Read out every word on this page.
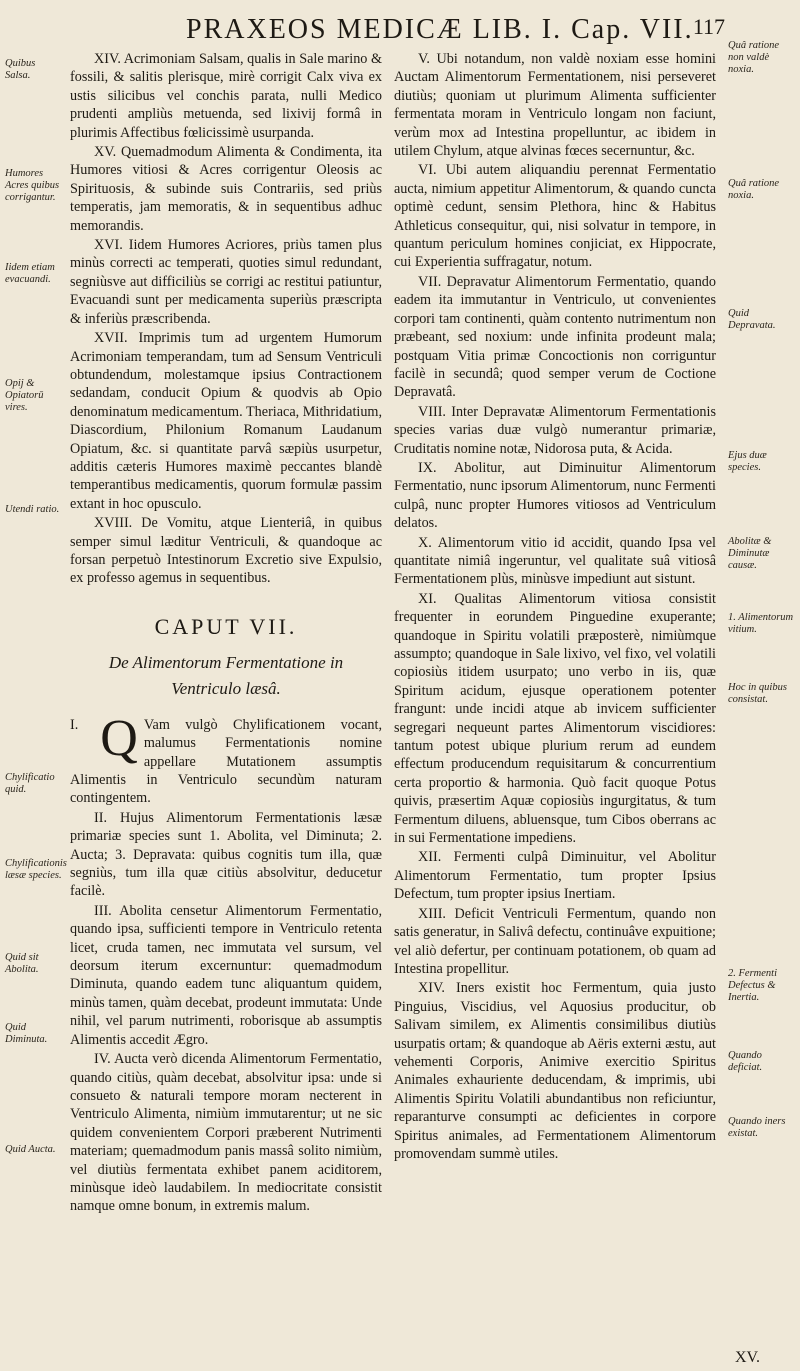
PRAXEOS MEDICÆ LIB. I. Cap. VII. 117

XIV. Acrimoniam Salsam, qualis in Sale marino & fossili, & salitis plerisque, mirè corrigit Calx viva ex ustis silicibus vel conchis parata, nulli Medico prudenti ampliùs metuenda, sed lixivij formâ in plurimis Affectibus fœlicissimè usurpanda.

XV. Quemadmodum Alimenta & Condimenta, ita Humores vitiosi & Acres corrigentur Oleosis ac Spirituosis, & subinde suis Contrariis, sed priùs temperatis, jam memoratis, & in sequentibus adhuc memorandis.

XVI. Iidem Humores Acriores, priùs tamen plus minùs correcti ac temperati, quoties simul redundant, segniùsve aut difficiliùs se corrigi ac restitui patiuntur, Evacuandi sunt per medicamenta superiùs præscripta & inferiùs præscribenda.

XVII. Imprimis tum ad urgentem Humorum Acrimoniam temperandam, tum ad Sensum Ventriculi obtundendum, molestamque ipsius Contractionem sedandam, conducit Opium & quodvis ab Opio denominatum medicamentum. Theriaca, Mithridatium, Diascordium, Philonium Romanum Laudanum Opiatum, &c. si quantitate parvâ sæpiùs usurpetur, additis cæteris Humores maximè peccantes blandè temperantibus medicamentis, quorum formulæ passim extant in hoc opusculo.

XVIII. De Vomitu, atque Lienteriâ, in quibus semper simul læditur Ventriculi, & quandoque ac forsan perpetuò Intestinorum Excretio sive Expulsio, ex professo agemus in sequentibus.

CAPUT VII.
De Alimentorum Fermentatione in
Ventriculo læsâ.

I. Q Vam vulgò Chylificationem vocant, malumus Fermentationis nomine appellare Mutationem assumptis Alimentis in Ventriculo secundùm naturam contingentem.

II. Hujus Alimentorum Fermentationis læsæ primariæ species sunt 1. Abolita, vel Diminuta; 2. Aucta; 3. Depravata: quibus cognitis tum illa, quæ segniùs, tum illa quæ citiùs absolvitur, deducetur facilè.

III. Abolita censetur Alimentorum Fermentatio, quando ipsa, sufficienti tempore in Ventriculo retenta licet, cruda tamen, nec immutata vel sursum, vel deorsum iterum excernuntur: quemadmodum Diminuta, quando eadem tunc aliquantum quidem, minùs tamen, quàm decebat, prodeunt immutata: Unde nihil, vel parum nutrimenti, roborisque ab assumptis Alimentis accedit Ægro.

IV. Aucta verò dicenda Alimentorum Fermentatio, quando citiùs, quàm decebat, absolvitur ipsa: unde si consueto & naturali tempore moram necterent in Ventriculo Alimenta, nimiùm immutarentur; ut ne sic quidem convenientem Corpori præberent Nutrimenti materiam; quemadmodum panis massâ solito nimiùm, vel diutiùs fermentata exhibet panem aciditorem, minùsque ideò laudabilem. In mediocritate consistit namque omne bonum, in extremis malum.

V. Ubi notandum, non valdè noxiam esse homini Auctam Alimentorum Fermentationem, nisi perseveret diutiùs; quoniam ut plurimum Alimenta sufficienter fermentata moram in Ventriculo longam non faciunt, verùm mox ad Intestina propelluntur, ac ibidem in utilem Chylum, atque alvinas fœces secernuntur, &c.

VI. Ubi autem aliquandiu perennat Fermentatio aucta, nimium appetitur Alimentorum, & quando cuncta optimè cedunt, sensim Plethora, hinc & Habitus Athleticus consequitur, qui, nisi solvatur in tempore, in quantum periculum homines conjiciat, ex Hippocrate, cui Experientia suffragatur, notum.

VII. Depravatur Alimentorum Fermentatio, quando eadem ita immutantur in Ventriculo, ut convenientes corpori tam continenti, quàm contento nutrimentum non præbeant, sed noxium: unde infinita prodeunt mala; postquam Vitia primæ Concoctionis non corriguntur facilè in secundâ; quod semper verum de Coctione Depravatâ.

VIII. Inter Depravatæ Alimentorum Fermentationis species varias duæ vulgò numerantur primariæ, Cruditatis nomine notæ, Nidorosa puta, & Acida.

IX. Abolitur, aut Diminuitur Alimentorum Fermentatio, nunc ipsorum Alimentorum, nunc Fermenti culpâ, nunc propter Humores vitiosos ad Ventriculum delatos.

X. Alimentorum vitio id accidit, quando Ipsa vel quantitate nimiâ ingeruntur, vel qualitate suâ vitiosâ Fermentationem plùs, minùsve impediunt aut sistunt.

XI. Qualitas Alimentorum vitiosa consistit frequenter in eorundem Pinguedine exuperante; quandoque in Spiritu volatili præposterè, nimiùmque assumpto; quandoque in Sale lixivo, vel fixo, vel volatili copiosiùs itidem usurpato; uno verbo in iis, quæ Spiritum acidum, ejusque operationem potenter frangunt: unde incidi atque ab invicem sufficienter segregari nequeunt partes Alimentorum viscidiores: tantum potest ubique plurium rerum ad eundem effectum producendum requisitarum & concurrentium certa proportio & harmonia. Quò facit quoque Potus quivis, præsertim Aquæ copiosiùs ingurgitatus, & tum Fermentum diluens, abluensque, tum Cibos oberrans ac in sui Fermentatione impediens.

XII. Fermenti culpâ Diminuitur, vel Abolitur Alimentorum Fermentatio, tum propter Ipsius Defectum, tum propter ipsius Inertiam.

XIII. Deficit Ventriculi Fermentum, quando non satis generatur, in Salivâ defectu, continuâve expuitione; vel aliò defertur, per continuam potationem, ob quam ad Intestina propellitur.

XIV. Iners existit hoc Fermentum, quia justo Pinguius, Viscidius, vel Aquosius producitur, ob Salivam similem, ex Alimentis consimilibus diutiùs usurpatis ortam; & quandoque ab Aëris externi æstu, aut vehementi Corporis, Animive exercitio Spiritus Animales exhauriente deducendam, & imprimis, ubi Alimentis Spiritu Volatili abundantibus non reficiuntur, reparanturve consumpti ac deficientes in corpore Spiritus animales, ad Fermentationem Alimentorum promovendam summè utiles.

Quibus Salsa.
Humores Acres quibus corrigantur.
Iidem etiam evacuandi.
Opij & Opiatorū vires.
Utendi ratio.
Chylificatio quid.
Chylificationis læsæ species.
Quid sit Abolita.
Quid Diminuta.
Quid Aucta.
Quâ ratione non valdè noxia.
Quâ ratione noxia.
Quid Depravata.
Ejus duæ species.
Abolitæ & Diminutæ causæ.
1. Alimentorum vitium.
Hoc in quibus consistat.
2. Fermenti Defectus & Inertia.
Quando deficiat.
Quando iners existat.
XV.
